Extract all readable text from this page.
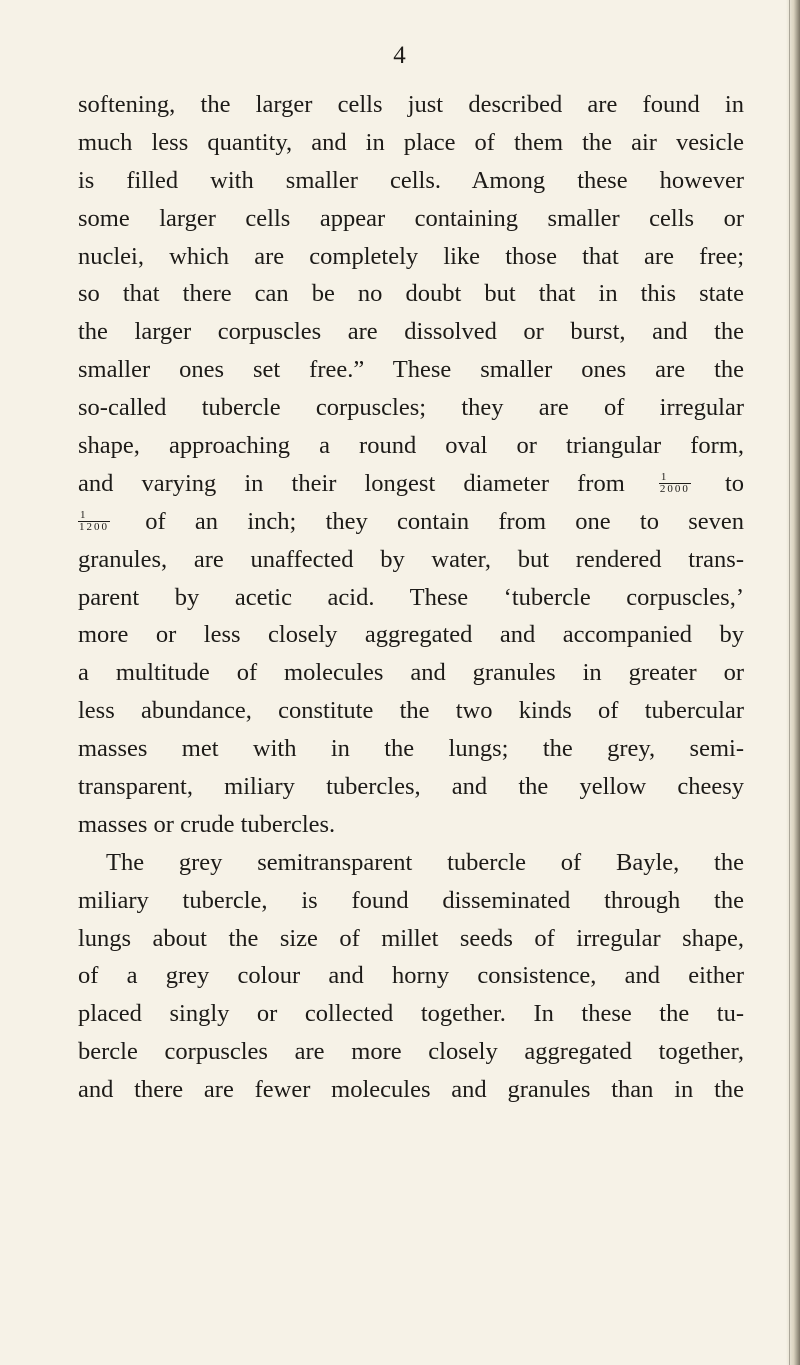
4
softening, the larger cells just described are found in
much less quantity, and in place of them the air vesicle
is filled with smaller cells. Among these however
some larger cells appear containing smaller cells or
nuclei, which are completely like those that are free;
so that there can be no doubt but that in this state
the larger corpuscles are dissolved or burst, and the
smaller ones set free.” These smaller ones are the
so-called tubercle corpuscles; they are of irregular
shape, approaching a round oval or triangular form,
and varying in their longest diameter from	$\frac{1}{2000}$ to
$\frac{1}{1200}$ of an inch; they contain from one to seven
granules, are unaffected by water, but rendered trans-
parent by acetic acid. These ‘tubercle corpuscles,’
more or less closely aggregated and accompanied by
a multitude of molecules and granules in greater or
less abundance, constitute the two kinds of tubercular
masses met with in the lungs; the grey, semi-
transparent, miliary tubercles, and the yellow cheesy
masses or crude tubercles.
The grey semitransparent tubercle of Bayle, the
miliary tubercle, is found disseminated through the
lungs about the size of millet seeds of irregular shape,
of a grey colour and horny consistence, and either
placed singly or collected together. In these the tu-
bercle corpuscles are more closely aggregated together,
and there are fewer molecules and granules than in the
